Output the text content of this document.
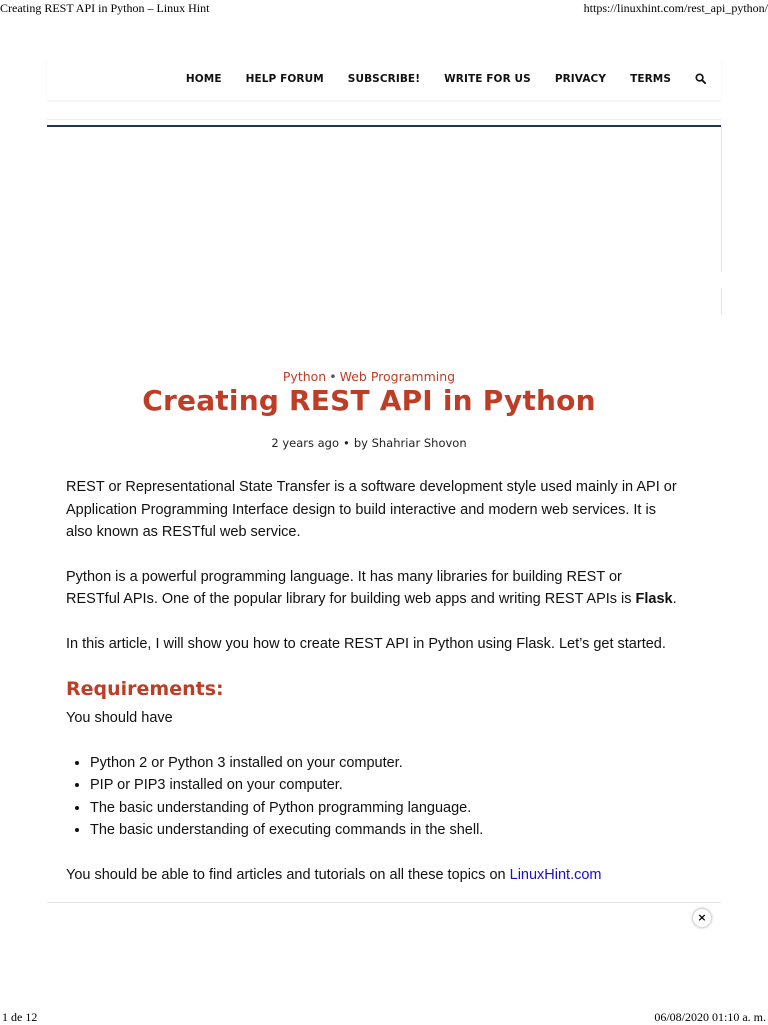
Creating REST API in Python – Linux Hint	https://linuxhint.com/rest_api_python/
HOME HELP FORUM SUBSCRIBE! WRITE FOR US PRIVACY TERMS
Python • Web Programming
Creating REST API in Python
2 years ago • by Shahriar Shovon

REST or Representational State Transfer is a software development style used mainly in API or Application Programming Interface design to build interactive and modern web services. It is also known as RESTful web service.

Python is a powerful programming language. It has many libraries for building REST or RESTful APIs. One of the popular library for building web apps and writing REST APIs is Flask.

In this article, I will show you how to create REST API in Python using Flask. Let’s get started.

Requirements:

You should have

• Python 2 or Python 3 installed on your computer.
• PIP or PIP3 installed on your computer.
• The basic understanding of Python programming language.
• The basic understanding of executing commands in the shell.

You should be able to find articles and tutorials on all these topics on LinuxHint.com

×
1 de 12	06/08/2020 01:10 a. m.
